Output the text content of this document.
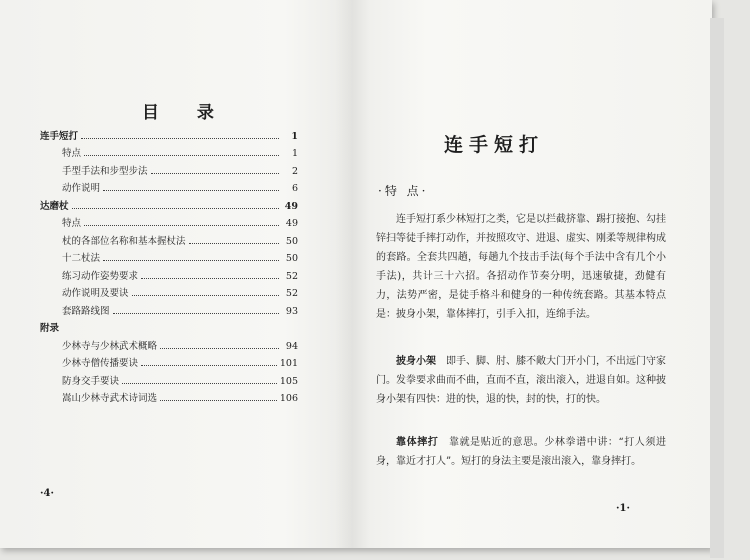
目 录
连手短打	1
特点	1
手型手法和步型步法	2
动作说明	6
达磨杖	49
特点	49
杖的各部位名称和基本握杖法	50
十二杖法	50
练习动作姿势要求	52
动作说明及要诀	52
套路路线图	93
附录
少林寺与少林武术概略	94
少林寺僧传播要诀	101
防身交手要诀	105
嵩山少林寺武术诗词选	106
·4·
连手短打
·特 点·
连手短打系少林短打之类，它是以拦截挤靠、踢打接抱、勾挂锌扫等徒手摔打动作，并按照攻守、进退、虚实、刚柔等规律构成的套路。全套共四趟，每趟九个技击手法(每个手法中含有几个小手法)，共计三十六招。各招动作节奏分明，迅速敏捷，劲健有力，法势严密，是徒手格斗和健身的一种传统套路。其基本特点是：披身小架，靠体摔打，引手入扣，连绵手法。
披身小架　即手、脚、肘、膝不敞大门开小门，不出远门守家门。发拳要求曲而不曲，直而不直，滚出滚入，进退自如。这种披身小架有四快：进的快，退的快，封的快，打的快。
靠体摔打　靠就是贴近的意思。少林拳谱中讲：“打人须进身，靠近才打人”。短打的身法主要是滚出滚入，靠身摔打。
·1·
